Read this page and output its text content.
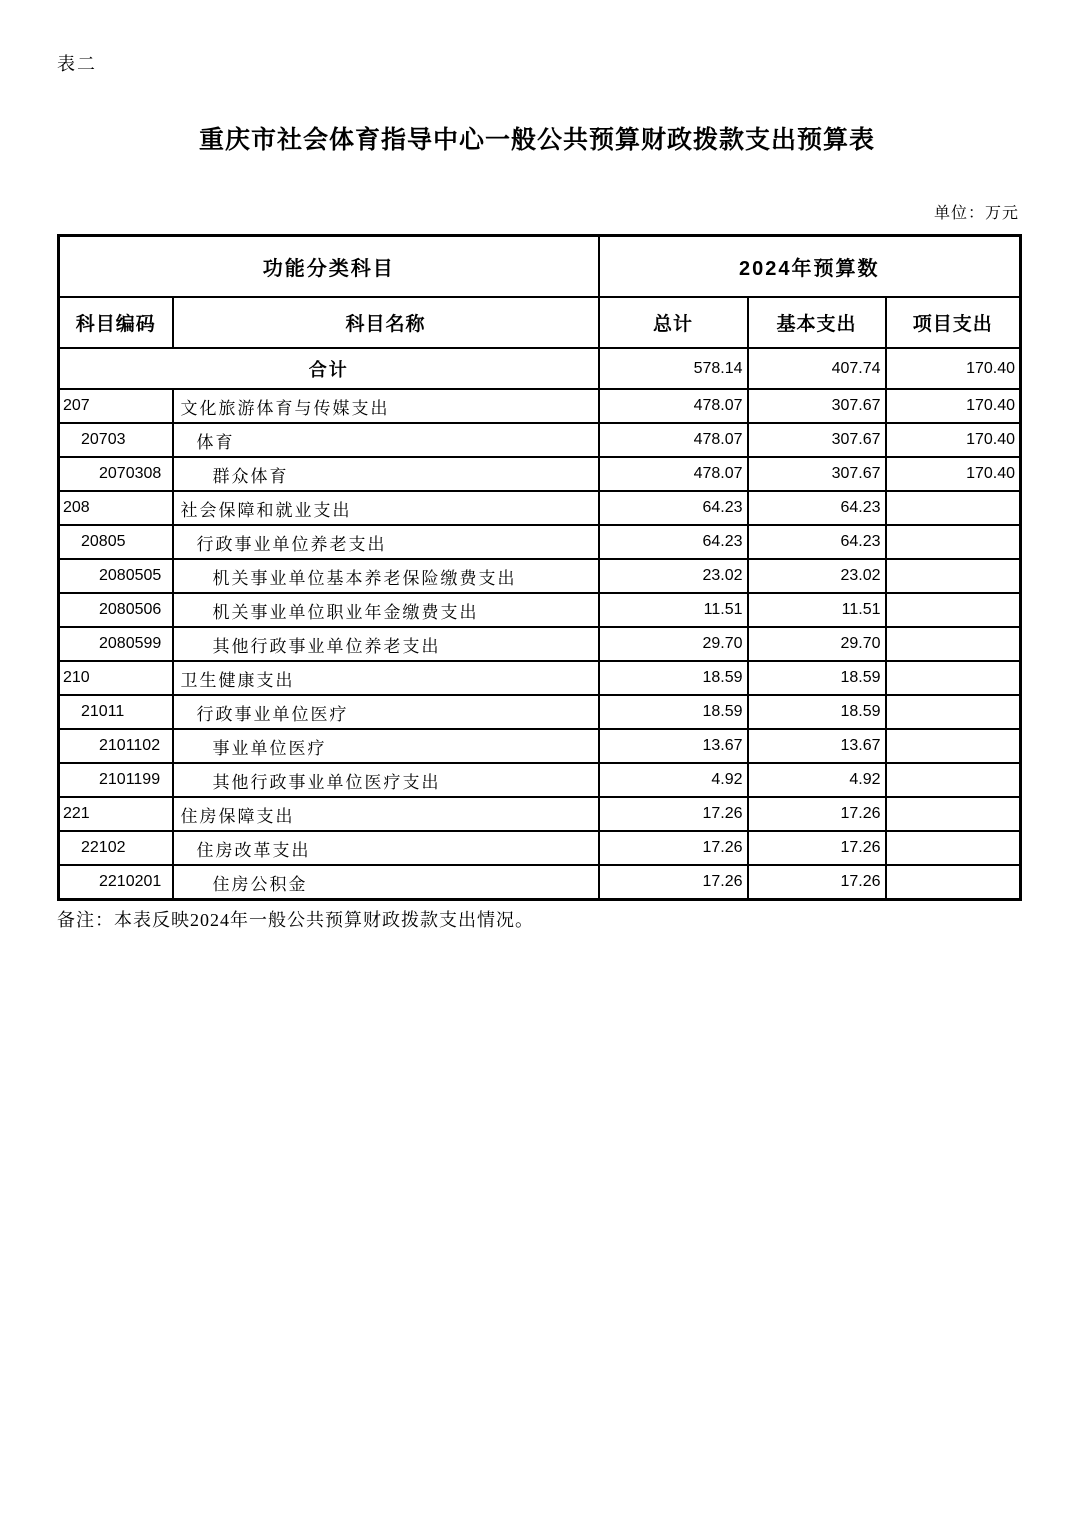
表二
重庆市社会体育指导中心一般公共预算财政拨款支出预算表
单位：万元
功能分类科目		2024年预算数		
科目编码	科目名称	总计	基本支出	项目支出
合计		578.14	407.74	170.40
207	文化旅游体育与传媒支出	478.07	307.67	170.40
20703	体育	478.07	307.67	170.40
2070308	群众体育	478.07	307.67	170.40
208	社会保障和就业支出	64.23	64.23	
20805	行政事业单位养老支出	64.23	64.23	
2080505	机关事业单位基本养老保险缴费支出	23.02	23.02	
2080506	机关事业单位职业年金缴费支出	11.51	11.51	
2080599	其他行政事业单位养老支出	29.70	29.70	
210	卫生健康支出	18.59	18.59	
21011	行政事业单位医疗	18.59	18.59	
2101102	事业单位医疗	13.67	13.67	
2101199	其他行政事业单位医疗支出	4.92	4.92	
221	住房保障支出	17.26	17.26	
22102	住房改革支出	17.26	17.26	
2210201	住房公积金	17.26	17.26	
备注：本表反映2024年一般公共预算财政拨款支出情况。
